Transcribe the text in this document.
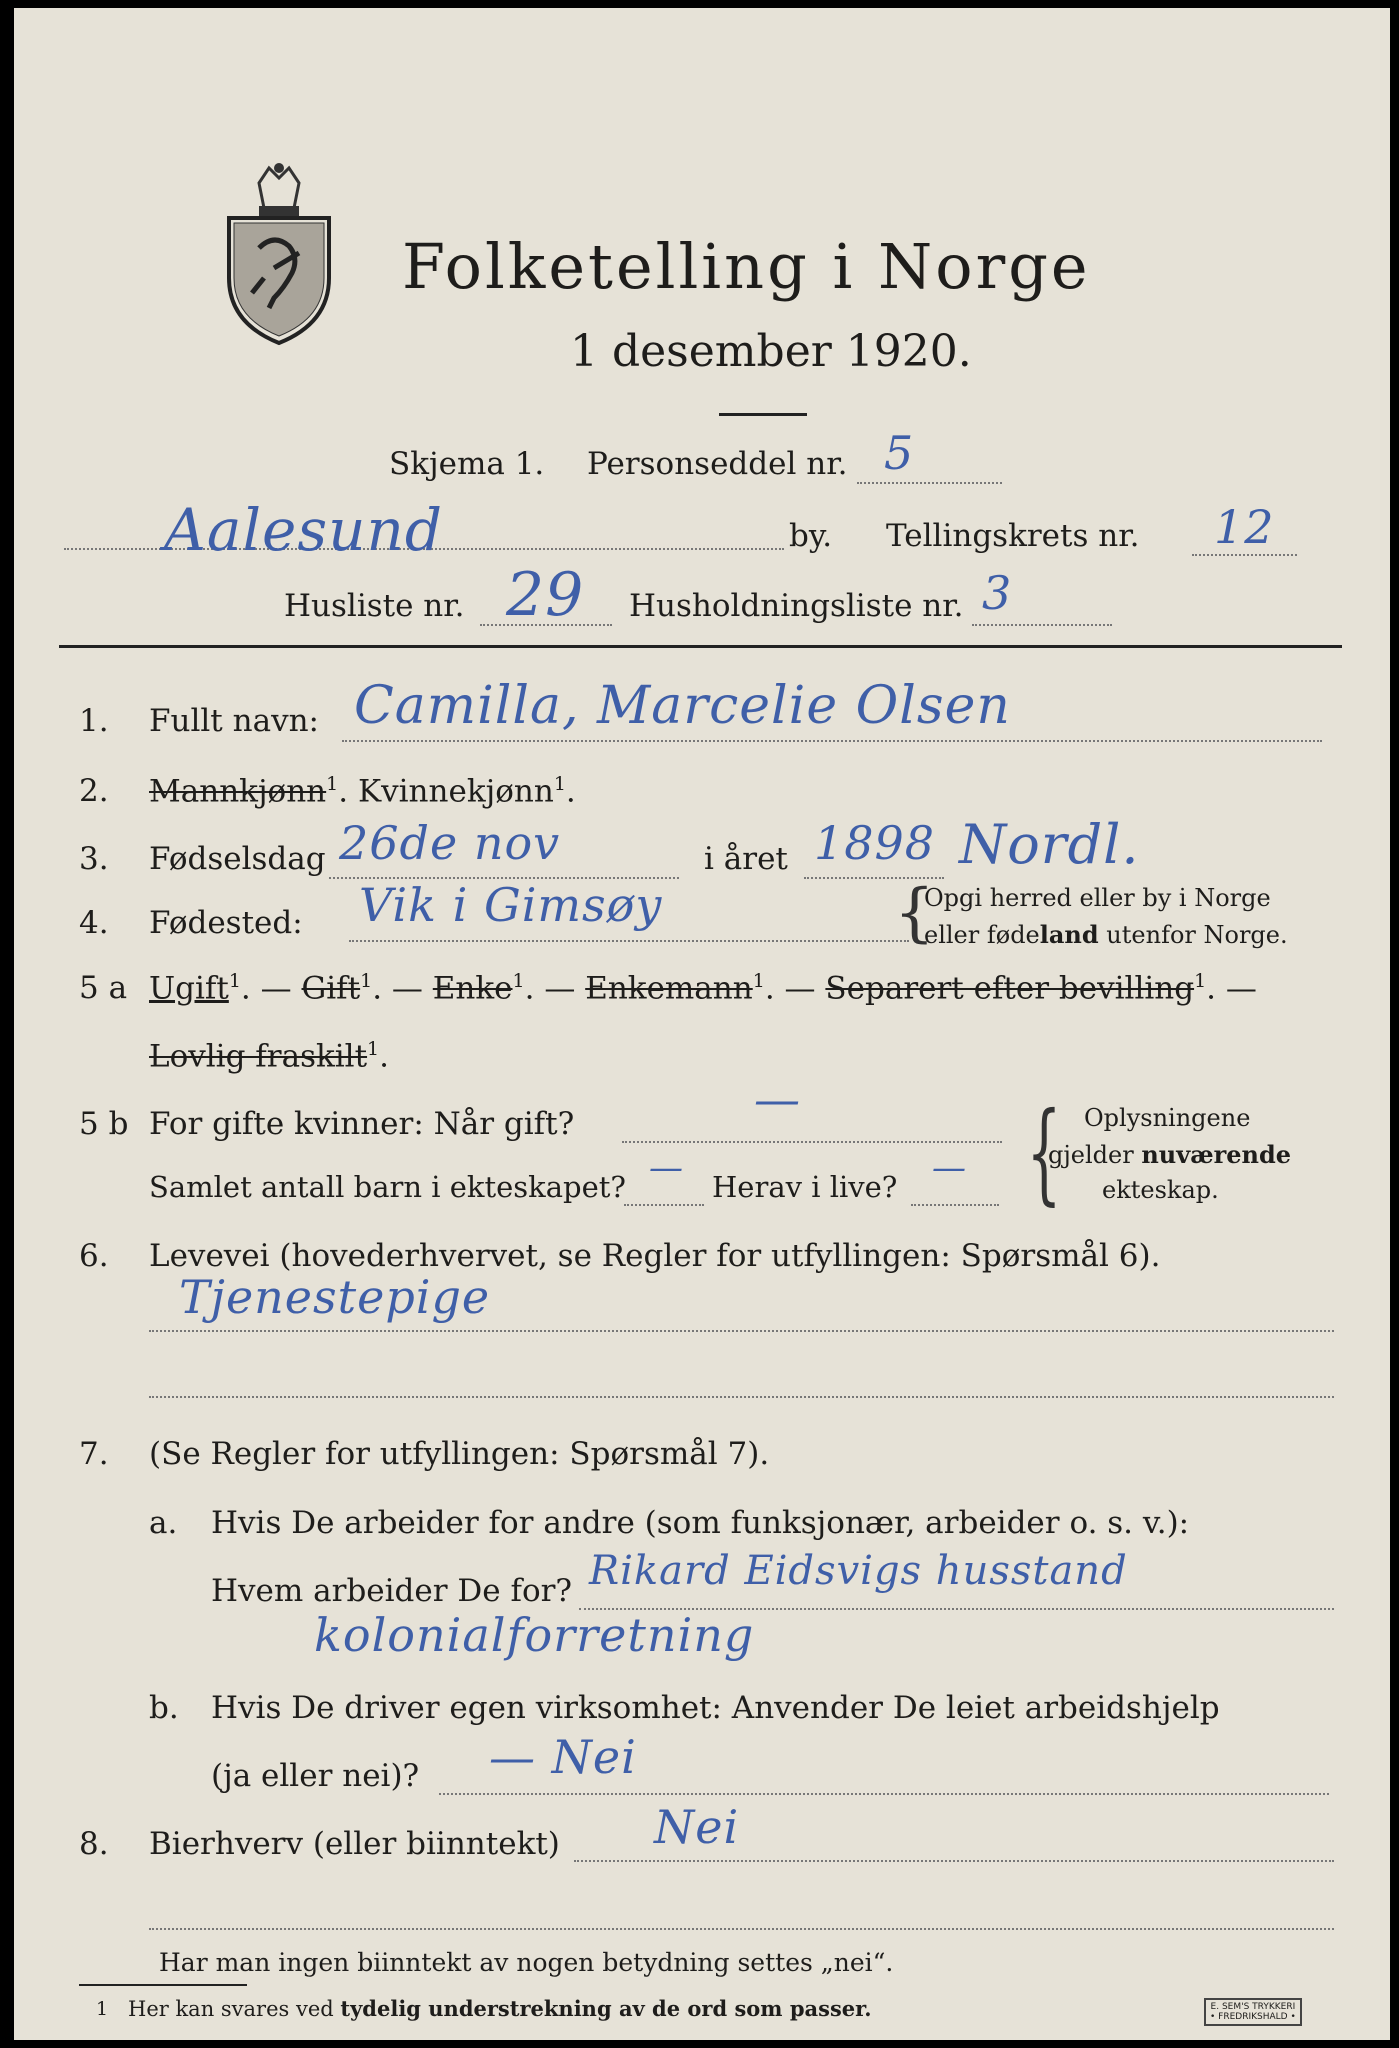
Folketelling i Norge
1 desember 1920.
Skjema 1. Personseddel nr. 5
Aalesund	by. Tellingskrets nr. 12
Husliste nr. 29 Husholdningsliste nr. 3
1. Fullt navn: Camilla, Marcelie Olsen
2. Mannkjønn$^1$. Kvinnekjønn$^1$.
3. Fødselsdag 26de nov	i året 1898 Nordl.
4. Fødested: Vik i Gimsøy	{
Opgi herred eller by i Norge
eller fødeland utenfor Norge.
5 a Ugift$^1$. — Gift$^1$. — Enke$^1$. — Enkemann$^1$. — Separert efter bevilling$^1$. —
Lovlig fraskilt$^1$.
5 b For gifte kvinner: Når gift?	—
Samlet antall barn i ekteskapet? — Herav i live? — { Oplysningene
gjelder nuværende
ekteskap.
6. Levevei (hovederhvervet, se Regler for utfyllingen: Spørsmål 6).
Tjenestepige
7. (Se Regler for utfyllingen: Spørsmål 7).
a. Hvis De arbeider for andre (som funksjonær, arbeider o. s. v.):
Hvem arbeider De for? Rikard Eidsvigs husstand
kolonialforretning
b. Hvis De driver egen virksomhet: Anvender De leiet arbeidshjelp
(ja eller nei)? — Nei
8. Bierhverv (eller biinntekt) Nei
Har man ingen biinntekt av nogen betydning settes „nei“.
1 Her kan svares ved tydelig understrekning av de ord som passer.	E. SEM'S TRYKKERI
• FREDRIKSHALD •
